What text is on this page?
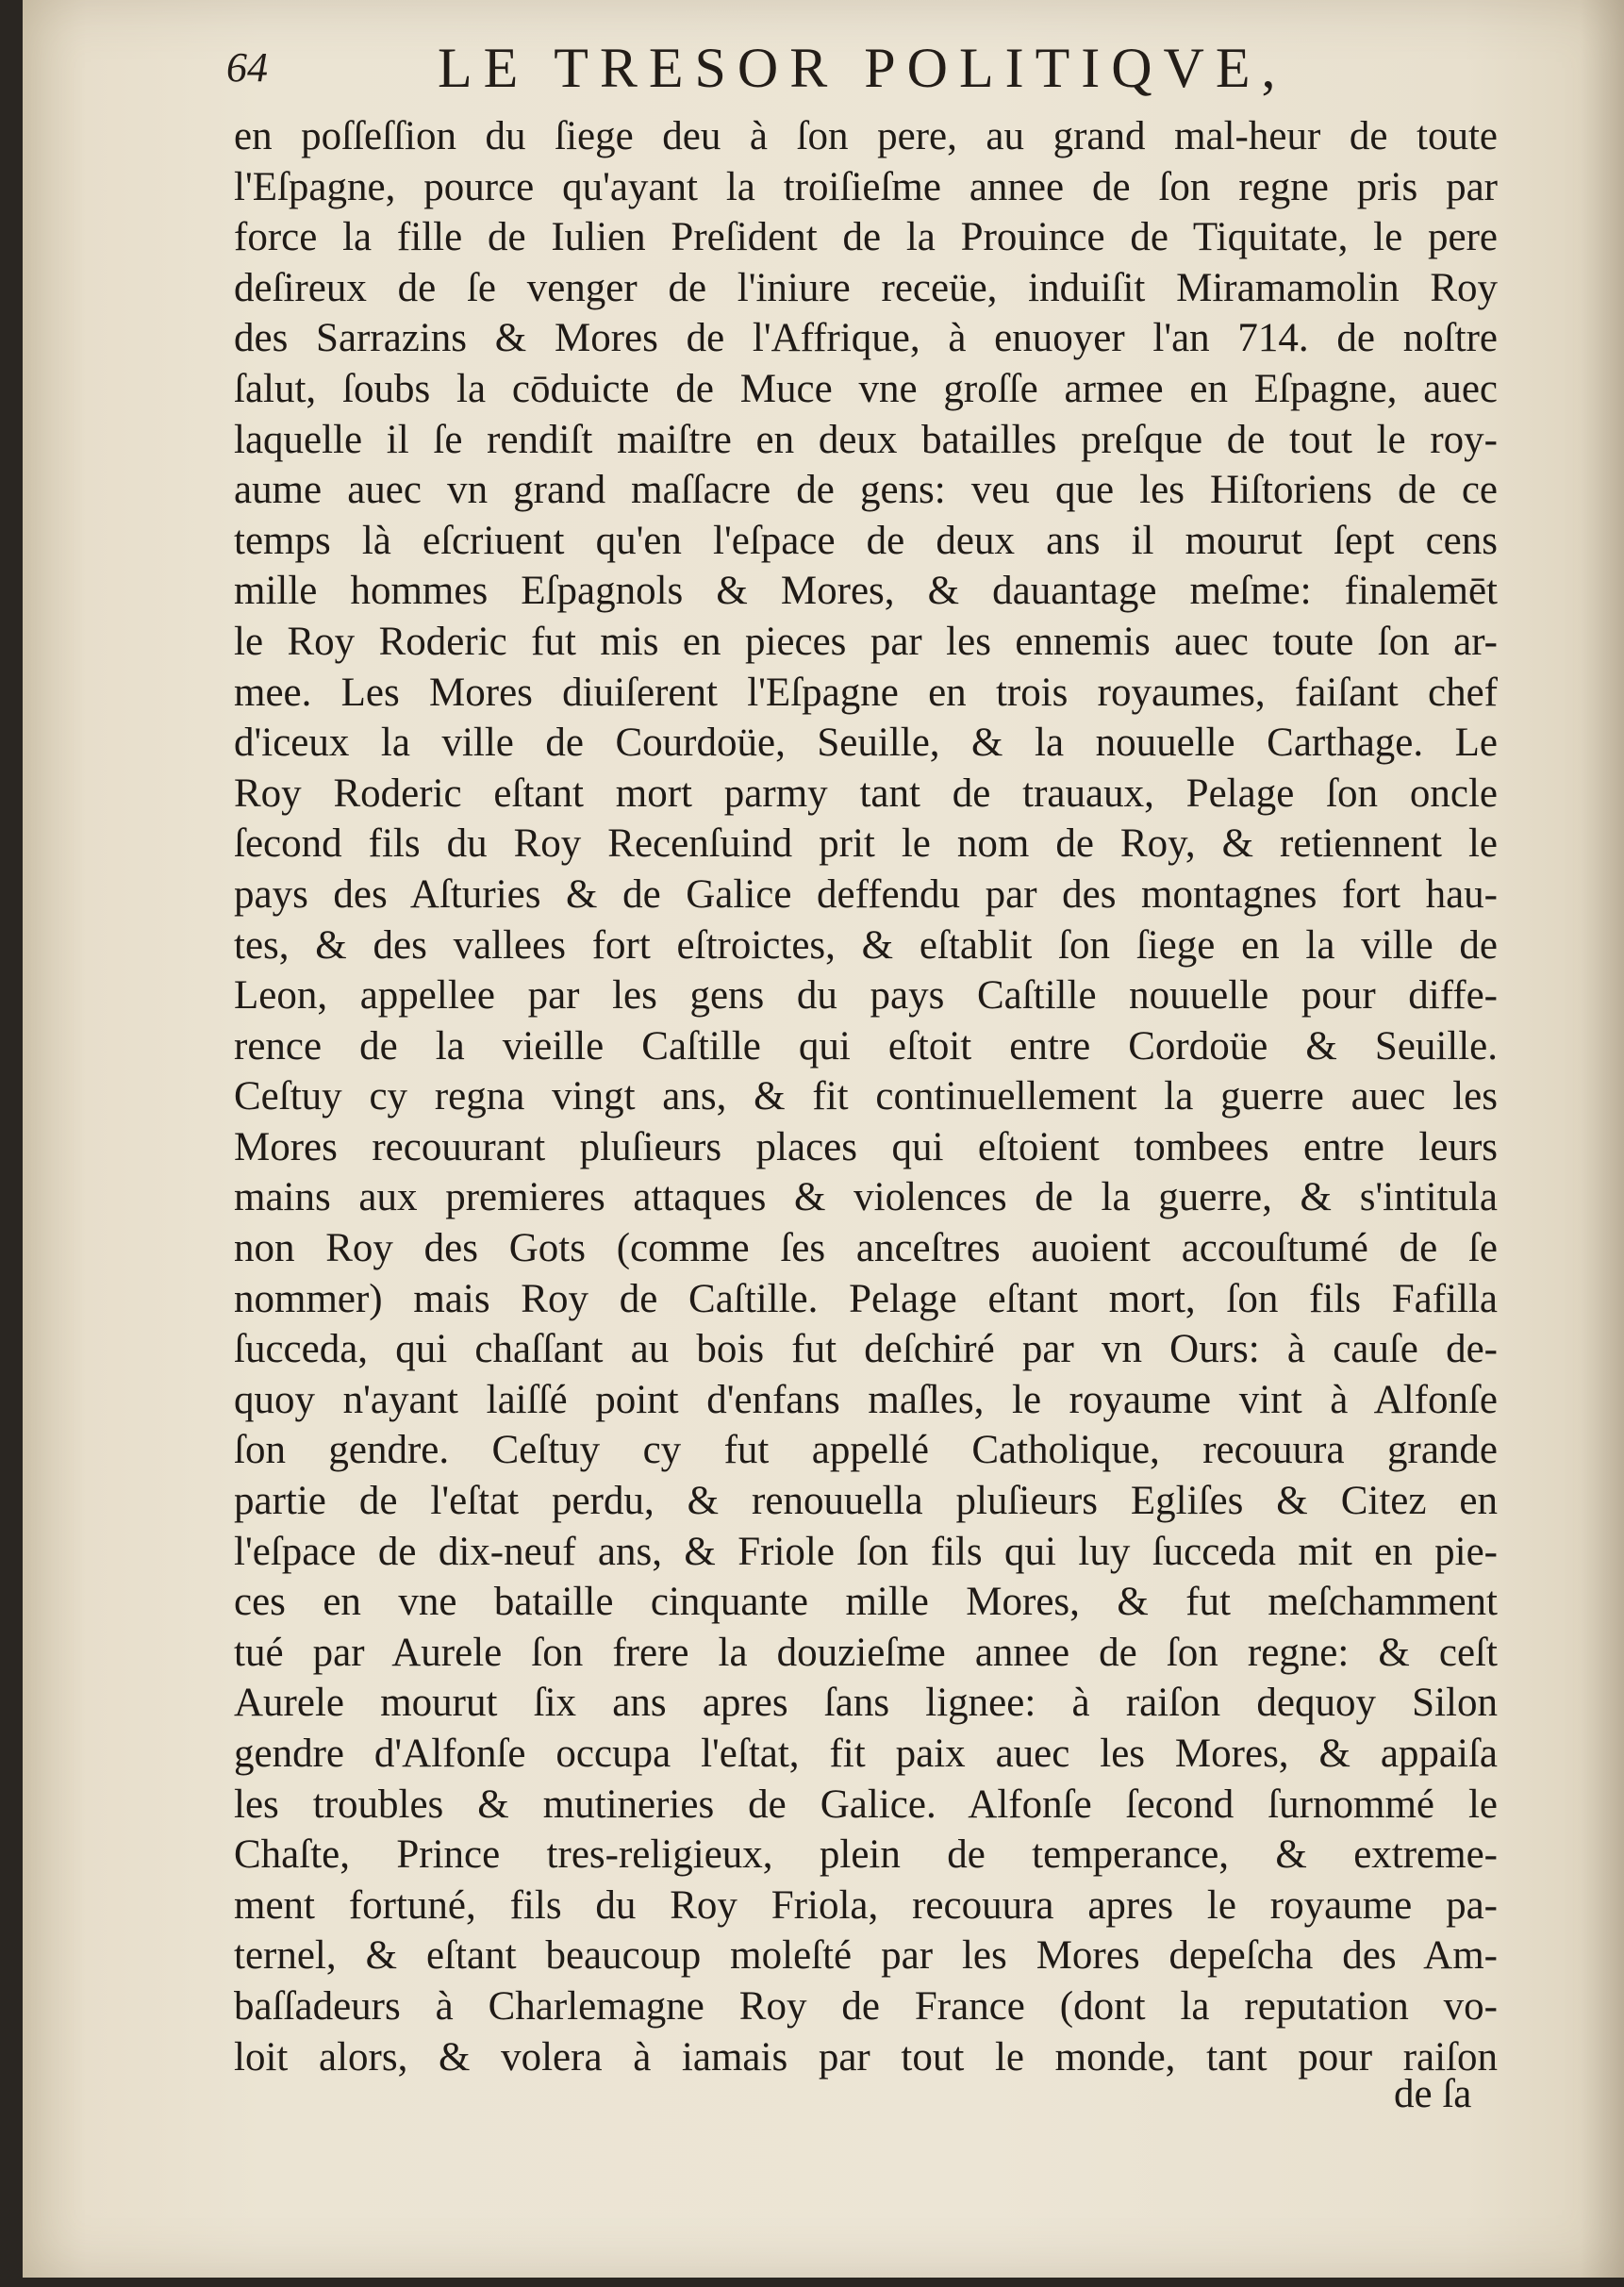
64	LE TRESOR POLITIQVE,
en poſſeſſion du ſiege deu à ſon pere, au grand mal-heur de toute
l'Eſpagne, pource qu'ayant la troiſieſme annee de ſon regne pris par
force la fille de Iulien Preſident de la Prouince de Tiquitate, le pere
deſireux de ſe venger de l'iniure receüe, induiſit Miramamolin Roy
des Sarrazins & Mores de l'Affrique, à enuoyer l'an 714. de noſtre
ſalut, ſoubs la cōduicte de Muce vne groſſe armee en Eſpagne, auec
laquelle il ſe rendiſt maiſtre en deux batailles preſque de tout le roy-
aume auec vn grand maſſacre de gens: veu que les Hiſtoriens de ce
temps là eſcriuent qu'en l'eſpace de deux ans il mourut ſept cens
mille hommes Eſpagnols & Mores, & dauantage meſme: finalemēt
le Roy Roderic fut mis en pieces par les ennemis auec toute ſon ar-
mee. Les Mores diuiſerent l'Eſpagne en trois royaumes, faiſant chef
d'iceux la ville de Courdoüe, Seuille, & la nouuelle Carthage. Le
Roy Roderic eſtant mort parmy tant de trauaux, Pelage ſon oncle
ſecond fils du Roy Recenſuind prit le nom de Roy, & retiennent le
pays des Aſturies & de Galice deffendu par des montagnes fort hau-
tes, & des vallees fort eſtroictes, & eſtablit ſon ſiege en la ville de
Leon, appellee par les gens du pays Caſtille nouuelle pour diffe-
rence de la vieille Caſtille qui eſtoit entre Cordoüe & Seuille.
Ceſtuy cy regna vingt ans, & fit continuellement la guerre auec les
Mores recouurant pluſieurs places qui eſtoient tombees entre leurs
mains aux premieres attaques & violences de la guerre, & s'intitula
non Roy des Gots (comme ſes anceſtres auoient accouſtumé de ſe
nommer) mais Roy de Caſtille. Pelage eſtant mort, ſon fils Fafilla
ſucceda, qui chaſſant au bois fut deſchiré par vn Ours: à cauſe de-
quoy n'ayant laiſſé point d'enfans maſles, le royaume vint à Alfonſe
ſon gendre. Ceſtuy cy fut appellé Catholique, recouura grande
partie de l'eſtat perdu, & renouuella pluſieurs Egliſes & Citez en
l'eſpace de dix-neuf ans, & Friole ſon fils qui luy ſucceda mit en pie-
ces en vne bataille cinquante mille Mores, & fut meſchamment
tué par Aurele ſon frere la douzieſme annee de ſon regne: & ceſt
Aurele mourut ſix ans apres ſans lignee: à raiſon dequoy Silon
gendre d'Alfonſe occupa l'eſtat, fit paix auec les Mores, & appaiſa
les troubles & mutineries de Galice. Alfonſe ſecond ſurnommé le
Chaſte, Prince tres-religieux, plein de temperance, & extreme-
ment fortuné, fils du Roy Friola, recouura apres le royaume pa-
ternel, & eſtant beaucoup moleſté par les Mores depeſcha des Am-
baſſadeurs à Charlemagne Roy de France (dont la reputation vo-
loit alors, & volera à iamais par tout le monde, tant pour raiſon
de ſa
